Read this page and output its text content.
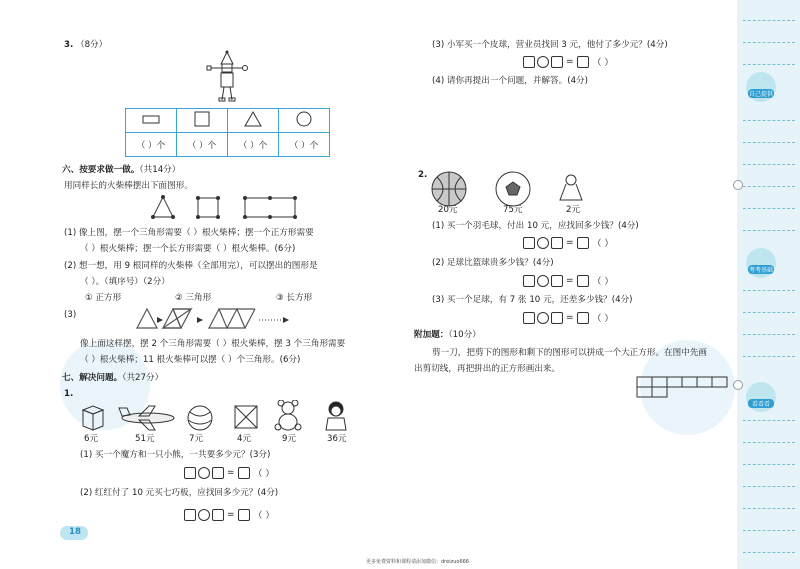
3. （8分）

（ ）个	（ ）个	（ ）个	（ ）个
六、按要求做一做。（共14分）
用同样长的火柴棒摆出下面图形。
(1) 像上图，摆一个三角形需要（ ）根火柴棒；摆一个正方形需要
（ ）根火柴棒；摆一个长方形需要（ ）根火柴棒。(6分)
(2) 想一想，用 9 根同样的火柴棒（全部用完），可以摆出的图形是
（ ）。（填序号）（2分）
① 正方形	② 三角形	③ 长方形
(3)
像上面这样摆，摆 2 个三角形需要（ ）根火柴棒，摆 3 个三角形需要
（ ）根火柴棒；11 根火柴棒可以摆（ ）个三角形。(6分)
七、解决问题。（共27分）
1.
6元	51元	7元	4元	9元	36元
(1) 买一个魔方和一只小熊，一共要多少元？(3分)
= （ ）
(2) 红红付了 10 元买七巧板，应找回多少元？(4分)
= （ ）
18
(3) 小军买一个皮球，营业员找回 3 元，他付了多少元？(4分)
= （ ）
(4) 请你再提出一个问题，并解答。(4分)
2.
20元	75元	2元
(1) 买一个羽毛球，付出 10 元，应找回多少钱？(4分)
= （ ）
(2) 足球比篮球贵多少钱？(4分)
= （ ）
(3) 买一个足球，有 7 张 10 元，还差多少钱？(4分)
= （ ）
附加题：（10分）
剪一刀，把剪下的图形和剩下的图形可以拼成一个大正方形。在图中先画
出剪切线，再把拼出的正方形画出来。
自己提供
考考基础
看看看
更多免费资料和课程请添加微信：dreizuo666
